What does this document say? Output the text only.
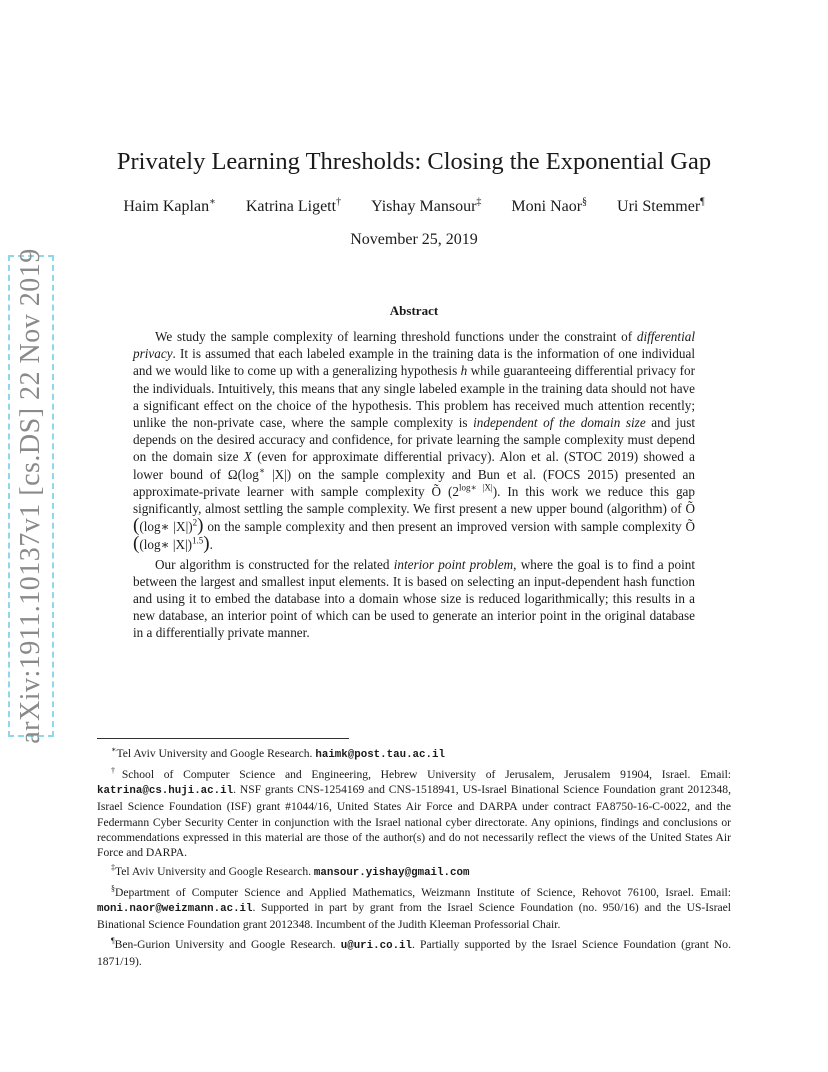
arXiv:1911.10137v1 [cs.DS] 22 Nov 2019
Privately Learning Thresholds: Closing the Exponential Gap
Haim Kaplan∗ Katrina Ligett† Yishay Mansour‡ Moni Naor§ Uri Stemmer¶
November 25, 2019
Abstract

We study the sample complexity of learning threshold functions under the constraint of differential privacy. It is assumed that each labeled example in the training data is the information of one individual and we would like to come up with a generalizing hypothesis h while guaranteeing differential privacy for the individuals. Intuitively, this means that any single labeled example in the training data should not have a significant effect on the choice of the hypothesis. This problem has received much attention recently; unlike the non-private case, where the sample complexity is independent of the domain size and just depends on the desired accuracy and confidence, for private learning the sample complexity must depend on the domain size X (even for approximate differential privacy). Alon et al. (STOC 2019) showed a lower bound of Ω(log∗ |X|) on the sample complexity and Bun et al. (FOCS 2015) presented an approximate-private learner with sample complexity Õ $(2^{log∗ |X|})$. In this work we reduce this gap significantly, almost settling the sample complexity. We first present a new upper bound (algorithm) of Õ ((log∗ |X|)$^2$) on the sample complexity and then present an improved version with sample complexity Õ ((log∗ |X|)$^{1.5}$).

Our algorithm is constructed for the related interior point problem, where the goal is to find a point between the largest and smallest input elements. It is based on selecting an input-dependent hash function and using it to embed the database into a domain whose size is reduced logarithmically; this results in a new database, an interior point of which can be used to generate an interior point in the original database in a differentially private manner.

∗Tel Aviv University and Google Research. haimk@post.tau.ac.il

†School of Computer Science and Engineering, Hebrew University of Jerusalem, Jerusalem 91904, Israel. Email: katrina@cs.huji.ac.il. NSF grants CNS-1254169 and CNS-1518941, US-Israel Binational Science Foundation grant 2012348, Israel Science Foundation (ISF) grant #1044/16, United States Air Force and DARPA under contract FA8750-16-C-0022, and the Federmann Cyber Security Center in conjunction with the Israel national cyber directorate. Any opinions, findings and conclusions or recommendations expressed in this material are those of the author(s) and do not necessarily reflect the views of the United States Air Force and DARPA.

‡Tel Aviv University and Google Research. mansour.yishay@gmail.com

§Department of Computer Science and Applied Mathematics, Weizmann Institute of Science, Rehovot 76100, Israel. Email: moni.naor@weizmann.ac.il. Supported in part by grant from the Israel Science Foundation (no. 950/16) and the US-Israel Binational Science Foundation grant 2012348. Incumbent of the Judith Kleeman Professorial Chair.

¶Ben-Gurion University and Google Research. u@uri.co.il. Partially supported by the Israel Science Foundation (grant No. 1871/19).
